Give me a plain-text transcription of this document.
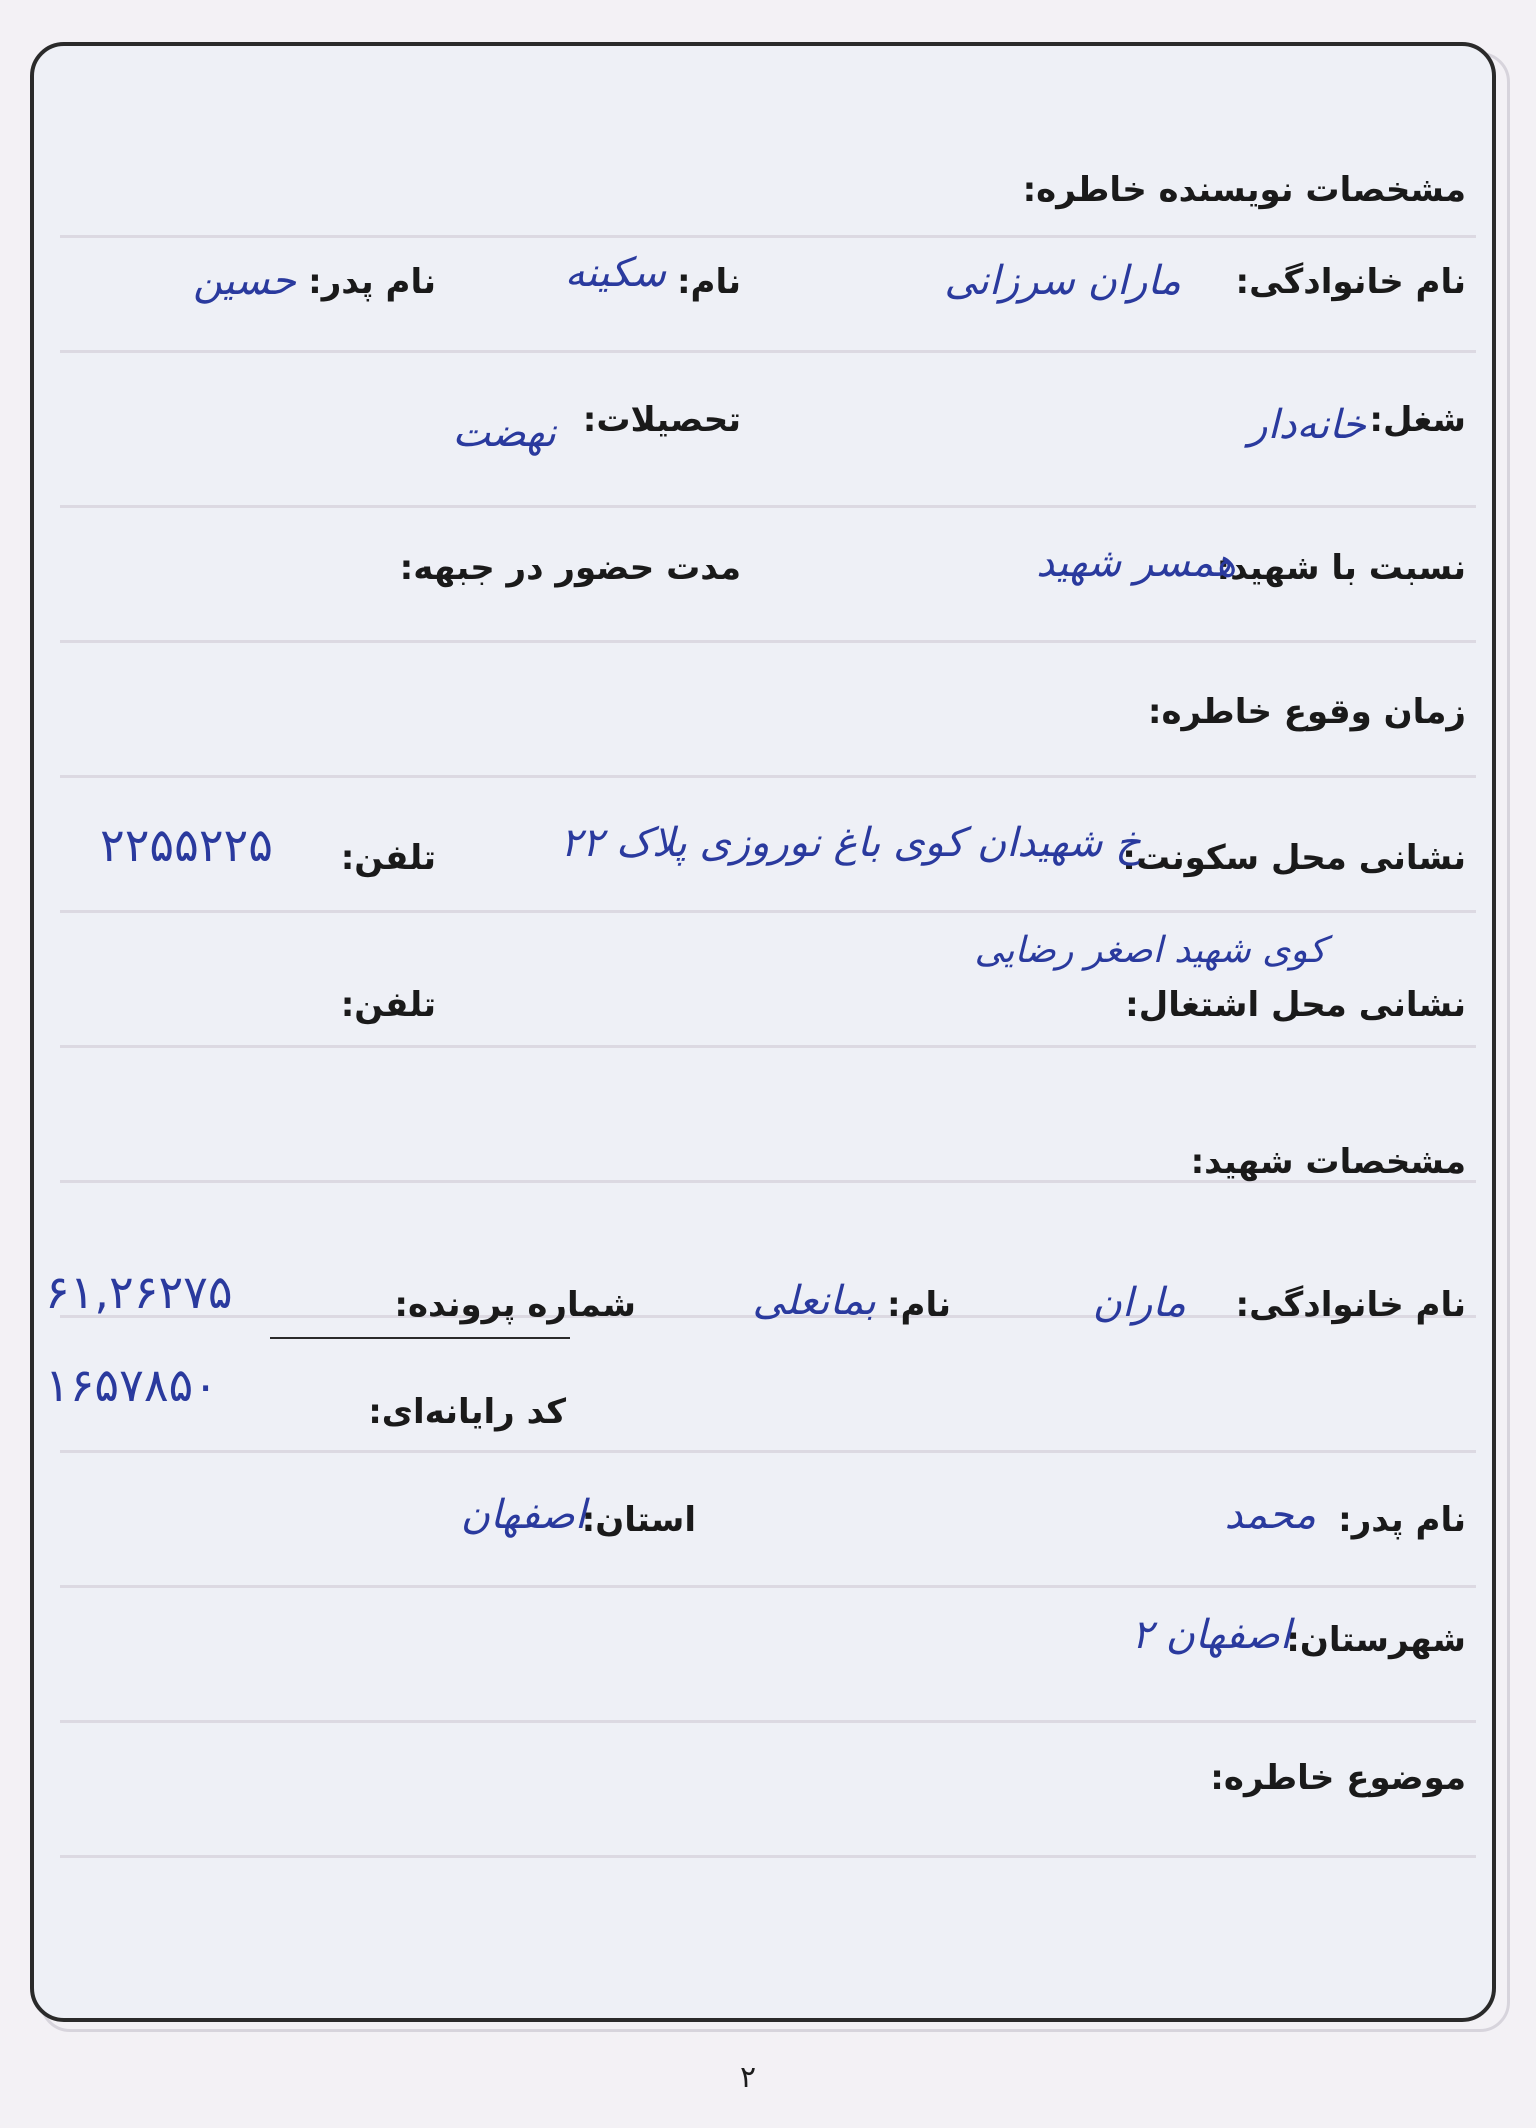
مشخصات نویسنده خاطره:
نام خانوادگی:
ماران سرزانی
نام:
سکینه
نام پدر:
حسین
شغل:
خانه‌دار
تحصیلات:
نهضت
نسبت با شهید:
همسر شهید
مدت حضور در جبهه:
زمان وقوع خاطره:
نشانی محل سکونت:
خ شهیدان کوی باغ نوروزی پلاک ۲۲
تلفن:
۲۲۵۵۲۲۵
کوی شهید اصغر رضایی
نشانی محل اشتغال:
تلفن:
مشخصات شهید:
نام خانوادگی:
ماران
نام:
بمانعلی
شماره پرونده:
۶۱,۲۶۲۷۵
کد رایانه‌ای:
۱۶۵۷۸۵۰
نام پدر:
محمد
استان:
اصفهان
شهرستان:
اصفهان ۲
موضوع خاطره:
۲
